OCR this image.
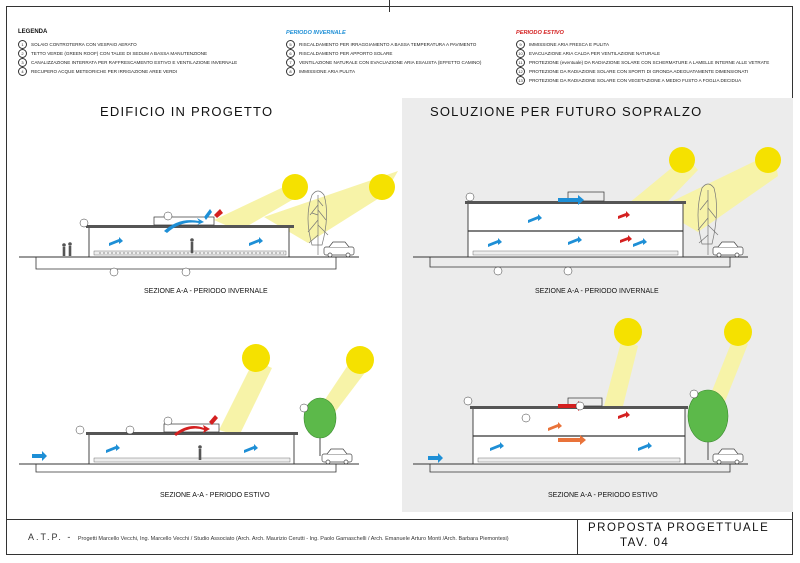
LEGENDA
1	SOLAIO CONTROTERRA CON VESPAIO AERATO
2	TETTO VERDE (GREEN ROOF) CON TALEE DI SEDUM A BASSA MANUTENZIONE
3	CANALIZZAZIONE INTERRATA PER RAFFRESCAMENTO ESTIVO E VENTILAZIONE INVERNALE
4	RECUPERO ACQUE METEORICHE PER IRRIGAZIONE AREE VERDI
PERIODO INVERNALE
5	RISCALDAMENTO PER IRRAGGIAMENTO A BASSA TEMPERATURA A PAVIMENTO
6	RISCALDAMENTO PER APPORTO SOLARE
7	VENTILAZIONE NATURALE CON EVACUAZIONE ARIA ESAUSTA (EFFETTO CAMINO)
8	IMMISSIONE ARIA PULITA
PERIODO ESTIVO
9	IMMISSIONE ARIA FRESCA E PULITA
10	EVACUAZIONE ARIA CALDA PER VENTILAZIONE NATURALE
11	PROTEZIONE (eventuale) DA RADIAZIONE SOLARE CON SCHERMATURE A LAMELLE INTERNE ALLE VETRATE
12	PROTEZIONE DA RADIAZIONE SOLARE CON SPORTI DI GRONDA ADEGUATAMENTE DIMENSIONATI
13	PROTEZIONE DA RADIAZIONE SOLARE CON VEGETAZIONE A MEDIO FUSTO A FOGLIA DECIDUA
EDIFICIO IN PROGETTO	SOLUZIONE PER FUTURO SOPRALZO
SEZIONE A-A - PERIODO INVERNALE	SEZIONE A-A - PERIODO INVERNALE
SEZIONE A-A - PERIODO ESTIVO	SEZIONE A-A - PERIODO ESTIVO
A.T.P. - Progetti Marcello Vecchi, Ing. Marcello Vecchi / Studio Associato (Arch. Arch. Maurizio Cerutti - Ing. Paolo Garnaschelli / Arch. Emanuele Arturo Monti /Arch. Barbara Piemontesi)
PROPOSTA PROGETTUALE
TAV. 04
